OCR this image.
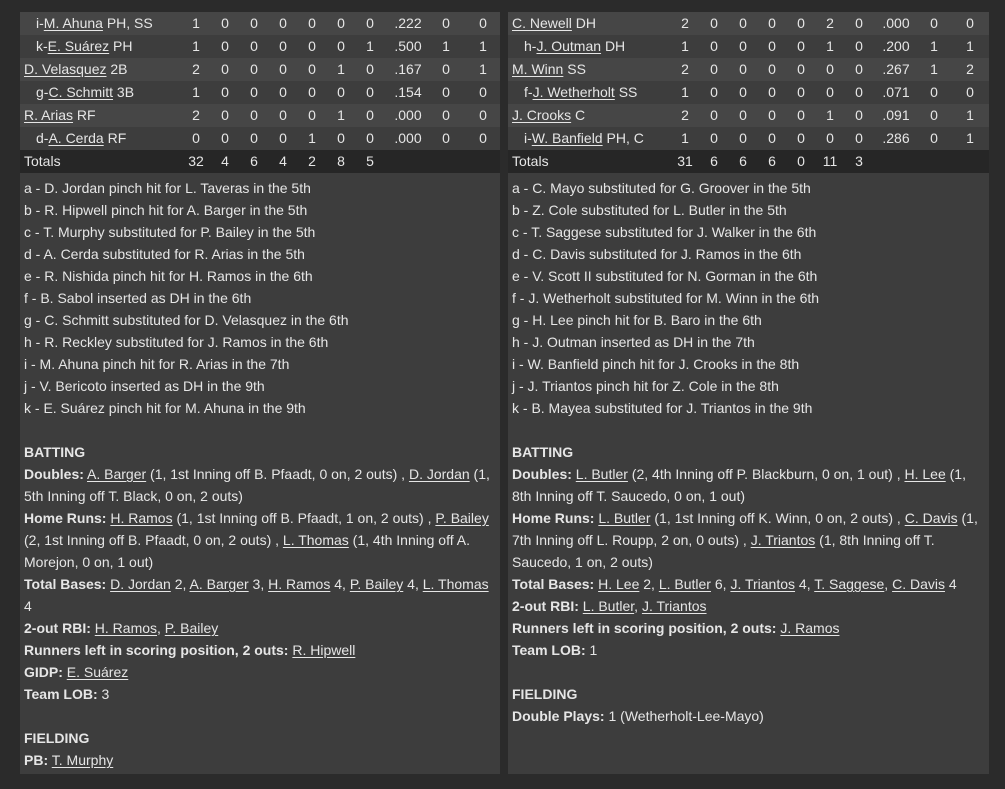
i-M. Ahuna PH, SS	1	0	0	0	0	0	0	.222	0	0
k-E. Suárez PH	1	0	0	0	0	0	1	.500	1	1
D. Velasquez 2B	2	0	0	0	0	1	0	.167	0	1
g-C. Schmitt 3B	1	0	0	0	0	0	0	.154	0	0
R. Arias RF	2	0	0	0	0	1	0	.000	0	0
d-A. Cerda RF	0	0	0	0	1	0	0	.000	0	0
Totals	32	4	6	4	2	8	5
a - D. Jordan pinch hit for L. Taveras in the 5th
b - R. Hipwell pinch hit for A. Barger in the 5th
c - T. Murphy substituted for P. Bailey in the 5th
d - A. Cerda substituted for R. Arias in the 5th
e - R. Nishida pinch hit for H. Ramos in the 6th
f - B. Sabol inserted as DH in the 6th
g - C. Schmitt substituted for D. Velasquez in the 6th
h - R. Reckley substituted for J. Ramos in the 6th
i - M. Ahuna pinch hit for R. Arias in the 7th
j - V. Bericoto inserted as DH in the 9th
k - E. Suárez pinch hit for M. Ahuna in the 9th
BATTING
Doubles: A. Barger (1, 1st Inning off B. Pfaadt, 0 on, 2 outs) , D. Jordan (1, 5th Inning off T. Black, 0 on, 2 outs)
Home Runs: H. Ramos (1, 1st Inning off B. Pfaadt, 1 on, 2 outs) , P. Bailey (2, 1st Inning off B. Pfaadt, 0 on, 2 outs) , L. Thomas (1, 4th Inning off A. Morejon, 0 on, 1 out)
Total Bases: D. Jordan 2, A. Barger 3, H. Ramos 4, P. Bailey 4, L. Thomas 4
2-out RBI: H. Ramos, P. Bailey
Runners left in scoring position, 2 outs: R. Hipwell
GIDP: E. Suárez
Team LOB: 3
FIELDING
PB: T. Murphy
C. Newell DH	2	0	0	0	0	2	0	.000	0	0
h-J. Outman DH	1	0	0	0	0	1	0	.200	1	1
M. Winn SS	2	0	0	0	0	0	0	.267	1	2
f-J. Wetherholt SS	1	0	0	0	0	0	0	.071	0	0
J. Crooks C	2	0	0	0	0	1	0	.091	0	1
i-W. Banfield PH, C	1	0	0	0	0	0	0	.286	0	1
Totals	31	6	6	6	0	11	3
a - C. Mayo substituted for G. Groover in the 5th
b - Z. Cole substituted for L. Butler in the 5th
c - T. Saggese substituted for J. Walker in the 6th
d - C. Davis substituted for J. Ramos in the 6th
e - V. Scott II substituted for N. Gorman in the 6th
f - J. Wetherholt substituted for M. Winn in the 6th
g - H. Lee pinch hit for B. Baro in the 6th
h - J. Outman inserted as DH in the 7th
i - W. Banfield pinch hit for J. Crooks in the 8th
j - J. Triantos pinch hit for Z. Cole in the 8th
k - B. Mayea substituted for J. Triantos in the 9th
BATTING
Doubles: L. Butler (2, 4th Inning off P. Blackburn, 0 on, 1 out) , H. Lee (1, 8th Inning off T. Saucedo, 0 on, 1 out)
Home Runs: L. Butler (1, 1st Inning off K. Winn, 0 on, 2 outs) , C. Davis (1, 7th Inning off L. Roupp, 2 on, 0 outs) , J. Triantos (1, 8th Inning off T. Saucedo, 1 on, 2 outs)
Total Bases: H. Lee 2, L. Butler 6, J. Triantos 4, T. Saggese, C. Davis 4
2-out RBI: L. Butler, J. Triantos
Runners left in scoring position, 2 outs: J. Ramos
Team LOB: 1
FIELDING
Double Plays: 1 (Wetherholt-Lee-Mayo)
